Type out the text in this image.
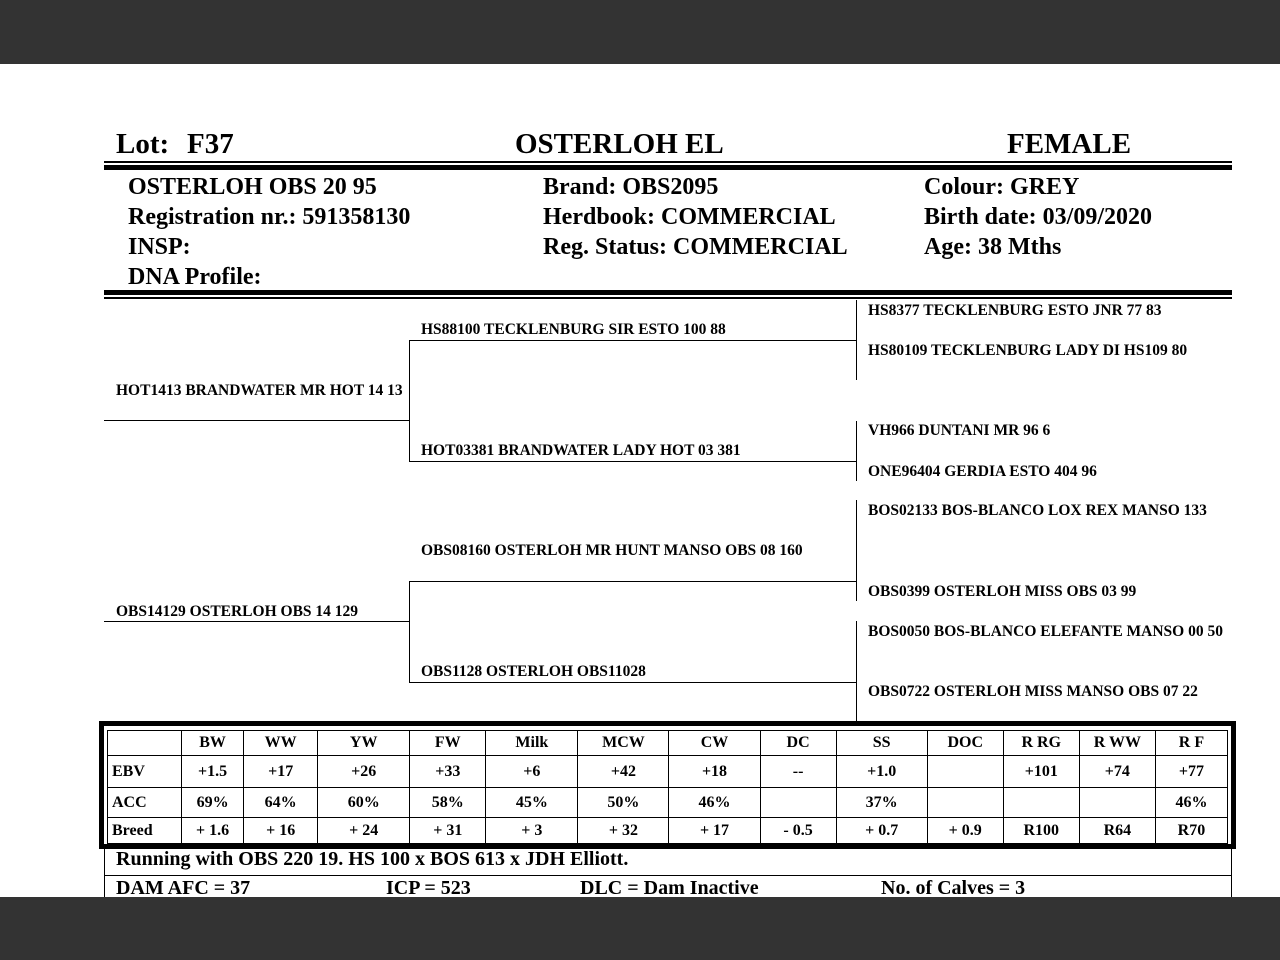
Lot: F37	OSTERLOH EL	FEMALE
OSTERLOH OBS 20 95
Registration nr.: 591358130
INSP:
DNA Profile:
Brand: OBS2095
Herdbook: COMMERCIAL
Reg. Status: COMMERCIAL
Colour: GREY
Birth date: 03/09/2020
Age: 38 Mths
HOT1413 BRANDWATER MR HOT 14 13
OBS14129 OSTERLOH OBS 14 129
HS88100 TECKLENBURG SIR ESTO 100 88
HOT03381 BRANDWATER LADY HOT 03 381
OBS08160 OSTERLOH MR HUNT MANSO OBS 08 160
OBS1128 OSTERLOH OBS11028
HS8377 TECKLENBURG ESTO JNR 77 83
HS80109 TECKLENBURG LADY DI HS109 80
VH966 DUNTANI MR 96 6
ONE96404 GERDIA ESTO 404 96
BOS02133 BOS-BLANCO LOX REX MANSO 133
OBS0399 OSTERLOH MISS OBS 03 99
BOS0050 BOS-BLANCO ELEFANTE MANSO 00 50
OBS0722 OSTERLOH MISS MANSO OBS 07 22
	BW	WW	YW	FW	Milk	MCW	CW	DC	SS	DOC	R RG	R WW	R F
EBV	+1.5	+17	+26	+33	+6	+42	+18	--	+1.0		+101	+74	+77
ACC	69%	64%	60%	58%	45%	50%	46%		37%				46%
Breed	+ 1.6	+ 16	+ 24	+ 31	+ 3	+ 32	+ 17	- 0.5	+ 0.7	+ 0.9	R100	R64	R70
Running with OBS 220 19. HS 100 x BOS 613 x JDH Elliott.
DAM AFC = 37	ICP = 523	DLC = Dam Inactive	No. of Calves = 3
